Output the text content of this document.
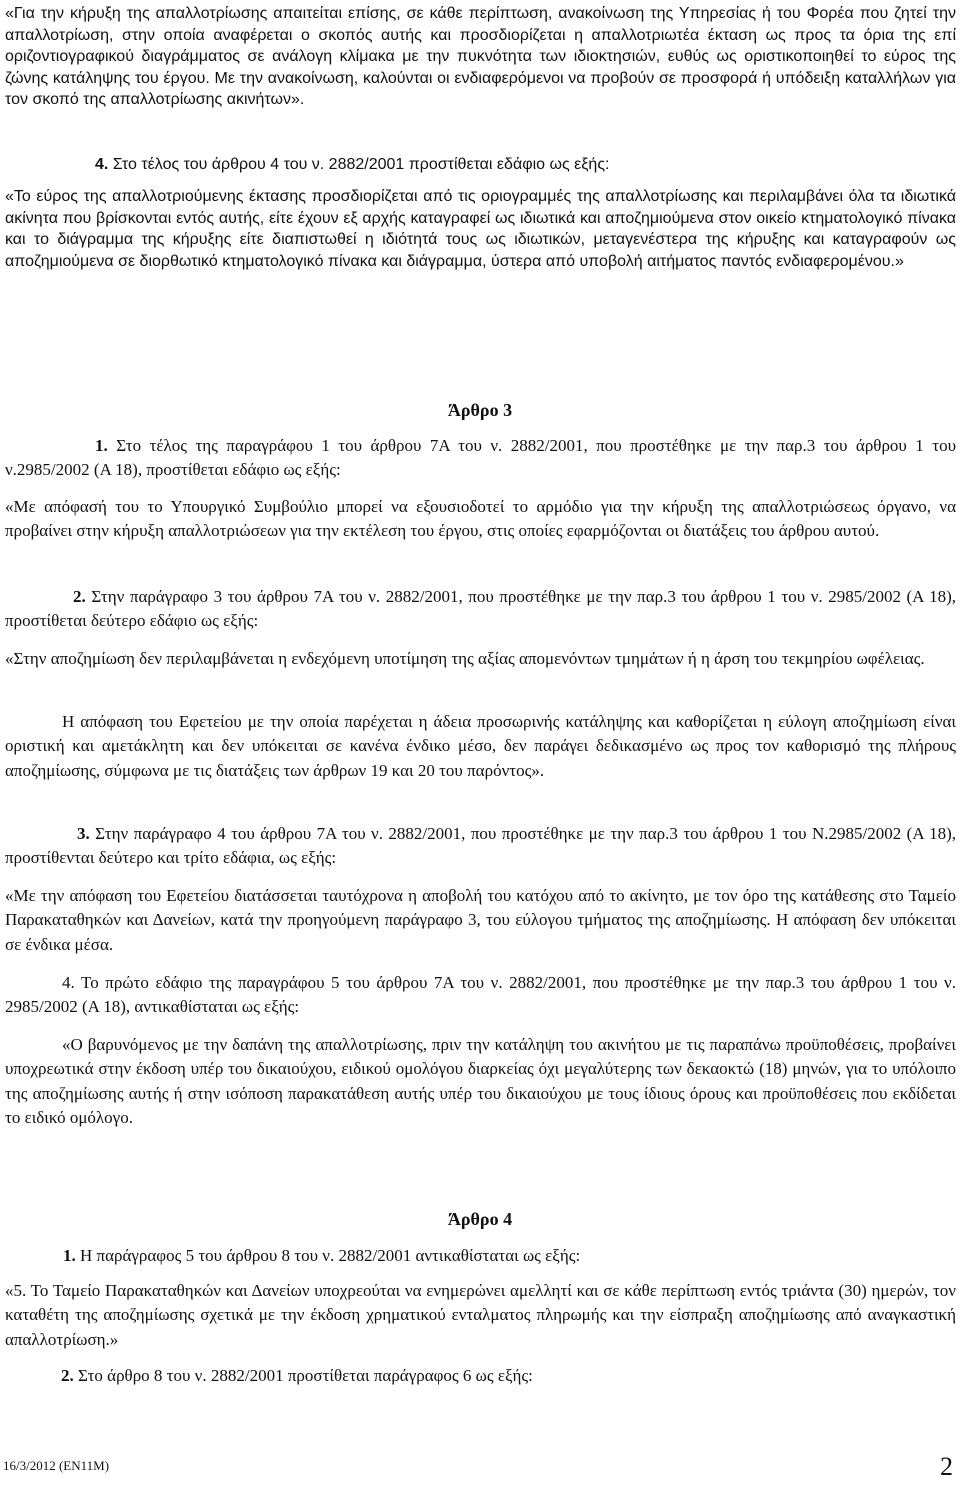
«Για την κήρυξη της απαλλοτρίωσης απαιτείται επίσης, σε κάθε περίπτωση, ανακοίνωση της Υπηρεσίας ή του Φορέα που ζητεί την απαλλοτρίωση, στην οποία αναφέρεται ο σκοπός αυτής και προσδιορίζεται η απαλλοτριωτέα έκταση ως προς τα όρια της επί οριζοντιογραφικού διαγράμματος σε ανάλογη κλίμακα με την πυκνότητα των ιδιοκτησιών, ευθύς ως οριστικοποιηθεί το εύρος της ζώνης κατάληψης του έργου. Με την ανακοίνωση, καλούνται οι ενδιαφερόμενοι να προβούν σε προσφορά ή υπόδειξη καταλλήλων για τον σκοπό της απαλλοτρίωσης ακινήτων».

4. Στο τέλος του άρθρου 4 του ν. 2882/2001 προστίθεται εδάφιο ως εξής:

«Το εύρος της απαλλοτριούμενης έκτασης προσδιορίζεται από τις οριογραμμές της απαλλοτρίωσης και περιλαμβάνει όλα τα ιδιωτικά ακίνητα που βρίσκονται εντός αυτής, είτε έχουν εξ αρχής καταγραφεί ως ιδιωτικά και αποζημιούμενα στον οικείο κτηματολογικό πίνακα και το διάγραμμα της κήρυξης είτε διαπιστωθεί η ιδιότητά τους ως ιδιωτικών, μεταγενέστερα της κήρυξης και καταγραφούν ως αποζημιούμενα σε διορθωτικό κτηματολογικό πίνακα και διάγραμμα, ύστερα από υποβολή αιτήματος παντός ενδιαφερομένου.»

Άρθρο 3

1. Στο τέλος της παραγράφου 1 του άρθρου 7Α του ν. 2882/2001, που προστέθηκε με την παρ.3 του άρθρου 1 του ν.2985/2002 (Α 18), προστίθεται εδάφιο ως εξής:

«Με απόφασή του το Υπουργικό Συμβούλιο μπορεί να εξουσιοδοτεί το αρμόδιο για την κήρυξη της απαλλοτριώσεως όργανο, να προβαίνει στην κήρυξη απαλλοτριώσεων για την εκτέλεση του έργου, στις οποίες εφαρμόζονται οι διατάξεις του άρθρου αυτού.

2. Στην παράγραφο 3 του άρθρου 7Α του ν. 2882/2001, που προστέθηκε με την παρ.3 του άρθρου 1 του ν. 2985/2002 (Α 18), προστίθεται δεύτερο εδάφιο ως εξής:

«Στην αποζημίωση δεν περιλαμβάνεται η ενδεχόμενη υποτίμηση της αξίας απομενόντων τμημάτων ή η άρση του τεκμηρίου ωφέλειας.

Η απόφαση του Εφετείου με την οποία παρέχεται η άδεια προσωρινής κατάληψης και καθορίζεται η εύλογη αποζημίωση είναι οριστική και αμετάκλητη και δεν υπόκειται σε κανένα ένδικο μέσο, δεν παράγει δεδικασμένο ως προς τον καθορισμό της πλήρους αποζημίωσης, σύμφωνα με τις διατάξεις των άρθρων 19 και 20 του παρόντος».

3. Στην παράγραφο 4 του άρθρου 7Α του ν. 2882/2001, που προστέθηκε με την παρ.3 του άρθρου 1 του Ν.2985/2002 (Α 18), προστίθενται δεύτερο και τρίτο εδάφια, ως εξής:

«Με την απόφαση του Εφετείου διατάσσεται ταυτόχρονα η αποβολή του κατόχου από το ακίνητο, με τον όρο της κατάθεσης στο Ταμείο Παρακαταθηκών και Δανείων, κατά την προηγούμενη παράγραφο 3, του εύλογου τμήματος της αποζημίωσης. Η απόφαση δεν υπόκειται σε ένδικα μέσα.

4. Το πρώτο εδάφιο της παραγράφου 5 του άρθρου 7Α του ν. 2882/2001, που προστέθηκε με την παρ.3 του άρθρου 1 του ν. 2985/2002 (Α 18), αντικαθίσταται ως εξής:

«Ο βαρυνόμενος με την δαπάνη της απαλλοτρίωσης, πριν την κατάληψη του ακινήτου με τις παραπάνω προϋποθέσεις, προβαίνει υποχρεωτικά στην έκδοση υπέρ του δικαιούχου, ειδικού ομολόγου διαρκείας όχι μεγαλύτερης των δεκαοκτώ (18) μηνών, για το υπόλοιπο της αποζημίωσης αυτής ή στην ισόποση παρακατάθεση αυτής υπέρ του δικαιούχου με τους ίδιους όρους και προϋποθέσεις που εκδίδεται το ειδικό ομόλογο.

Άρθρο 4

1. Η παράγραφος 5 του άρθρου 8 του ν. 2882/2001 αντικαθίσταται ως εξής:

«5. Το Ταμείο Παρακαταθηκών και Δανείων υποχρεούται να ενημερώνει αμελλητί και σε κάθε περίπτωση εντός τριάντα (30) ημερών, τον καταθέτη της αποζημίωσης σχετικά με την έκδοση χρηματικού ενταλματος πληρωμής και την είσπραξη αποζημίωσης από αναγκαστική απαλλοτρίωση.»

2. Στο άρθρο 8 του ν. 2882/2001 προστίθεται παράγραφος 6 ως εξής:

16/3/2012 (EN11M)	2
